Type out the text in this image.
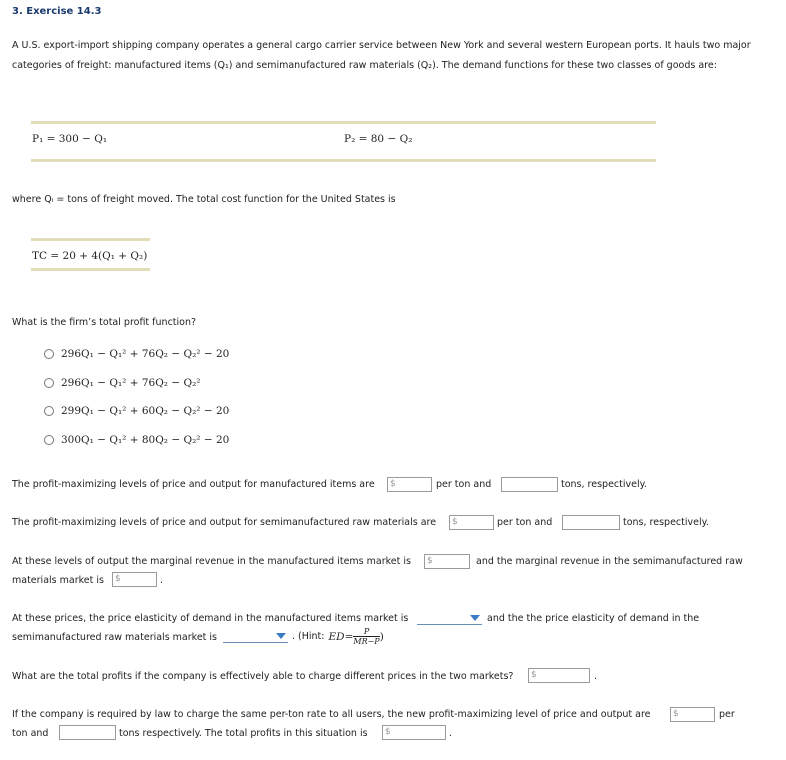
3. Exercise 14.3
A U.S. export-import shipping company operates a general cargo carrier service between New York and several western European ports. It hauls two major categories of freight: manufactured items (Q₁) and semimanufactured raw materials (Q₂). The demand functions for these two classes of goods are:
P₁ = 300 − Q₁	P₂ = 80 − Q₂
where Qᵢ = tons of freight moved. The total cost function for the United States is
TC = 20 + 4(Q₁ + Q₂)
What is the firm’s total profit function?
296Q₁ − Q₁² + 76Q₂ − Q₂² − 20
296Q₁ − Q₁² + 76Q₂ − Q₂²
299Q₁ − Q₁² + 60Q₂ − Q₂² − 20
300Q₁ − Q₁² + 80Q₂ − Q₂² − 20
The profit-maximizing levels of price and output for manufactured items are	$	per ton and	tons, respectively.
The profit-maximizing levels of price and output for semimanufactured raw materials are	$	per ton and	tons, respectively.
At these levels of output the marginal revenue in the manufactured items market is	$	and the marginal revenue in the semimanufactured raw
materials market is	$	.
At these prices, the price elasticity of demand in the manufactured items market is	and the the price elasticity of demand in the
semimanufactured raw materials market is	. (Hint: E $D = \frac{P}{MR-P}$ )
What are the total profits if the company is effectively able to charge different prices in the two markets?	$	.
If the company is required by law to charge the same per-ton rate to all users, the new profit-maximizing level of price and output are	$	per
ton and	tons respectively. The total profits in this situation is	$	.
